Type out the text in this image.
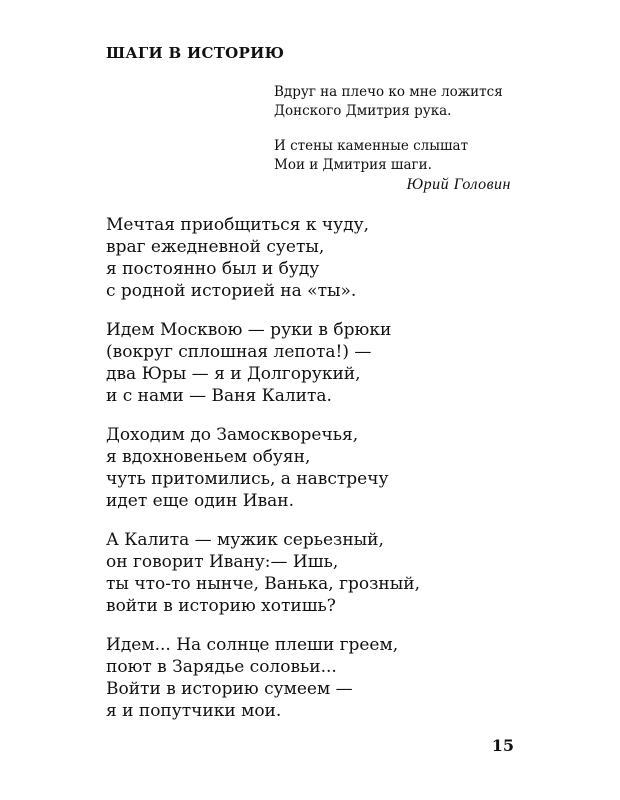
ШАГИ В ИСТОРИЮ
Вдруг на плечо ко мне ложится
Донского Дмитрия рука.
И стены каменные слышат
Мои и Дмитрия шаги.
Юрий Головин
Мечтая приобщиться к чуду,
враг ежедневной суеты,
я постоянно был и буду
с родной историей на «ты».
Идем Москвою — руки в брюки
(вокруг сплошная лепота!) —
два Юры — я и Долгорукий,
и с нами — Ваня Калита.
Доходим до Замоскворечья,
я вдохновеньем обуян,
чуть притомились, а навстречу
идет еще один Иван.
А Калита — мужик серьезный,
он говорит Ивану:— Ишь,
ты что-то нынче, Ванька, грозный,
войти в историю хотишь?
Идем... На солнце плеши греем,
поют в Зарядье соловьи...
Войти в историю сумеем —
я и попутчики мои.
15
